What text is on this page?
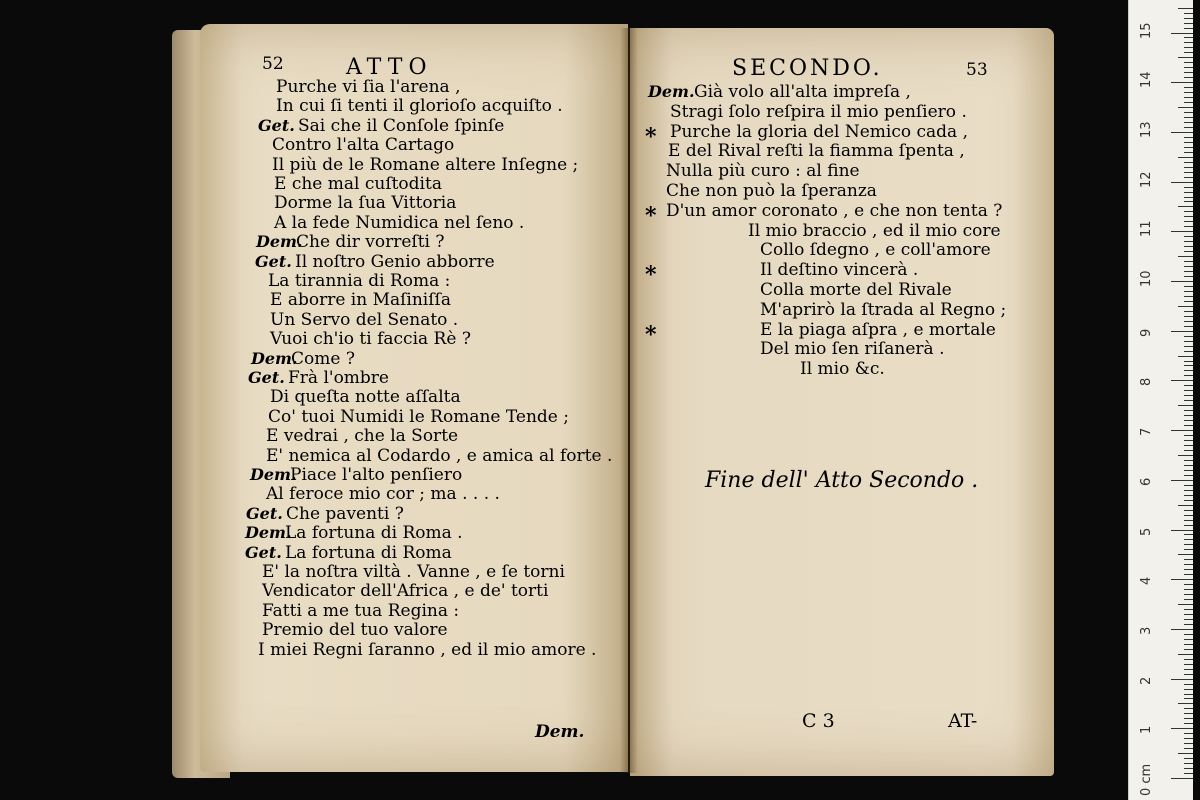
0 cm
1
2
3
4
5
6
7
8
9
10
11
12
13
14
15
52	ATTO	SECONDO.	53
Purche vi ſia l'arena ,
In cui ſi tenti il glorioſo acquiſto .
Get. Sai che il Conſole ſpinſe
Contro l'alta Cartago
Il più de le Romane altere Inſegne ;
E che mal cuſtodita
Dorme la ſua Vittoria
A la fede Numidica nel ſeno .
Dem.
Che dir vorreſti ?
Get. Il noſtro Genio abborre
La tirannia di Roma :
E aborre in Maſiniſſa
Un Servo del Senato .
Vuoi ch'io ti faccia Rè ?
Dem.
Come ?
Get. Frà l'ombre
Di queſta notte aſſalta
Co' tuoi Numidi le Romane Tende ;
E vedrai , che la Sorte
E' nemica al Codardo , e amica al forte .
Dem.
Piace l'alto penſiero
Al feroce mio cor ; ma . . . .
Get. Che paventi ?
Dem.
La fortuna di Roma .
Get. La fortuna di Roma
E' la noſtra viltà . Vanne , e ſe torni
Vendicator dell'Africa , e de' torti
Fatti a me tua Regina :
Premio del tuo valore
I miei Regni ſaranno , ed il mio amore .
Dem. Già volo all'alta impreſa ,
Stragi ſolo reſpira il mio penſiero .
* Purche la gloria del Nemico cada ,
E del Rival reſti la fiamma ſpenta ,
Nulla più curo : al fine
Che non può la ſperanza
* D'un amor coronato , e che non tenta ?
Il mio braccio , ed il mio core
Collo ſdegno , e coll'amore
*	Il deſtino vincerà .
Colla morte del Rivale
M'aprirò la ſtrada al Regno ;
*	E la piaga aſpra , e mortale
Del mio ſen riſanerà .
Il mio &c.
Fine dell' Atto Secondo .
Dem.	C 3	AT-
